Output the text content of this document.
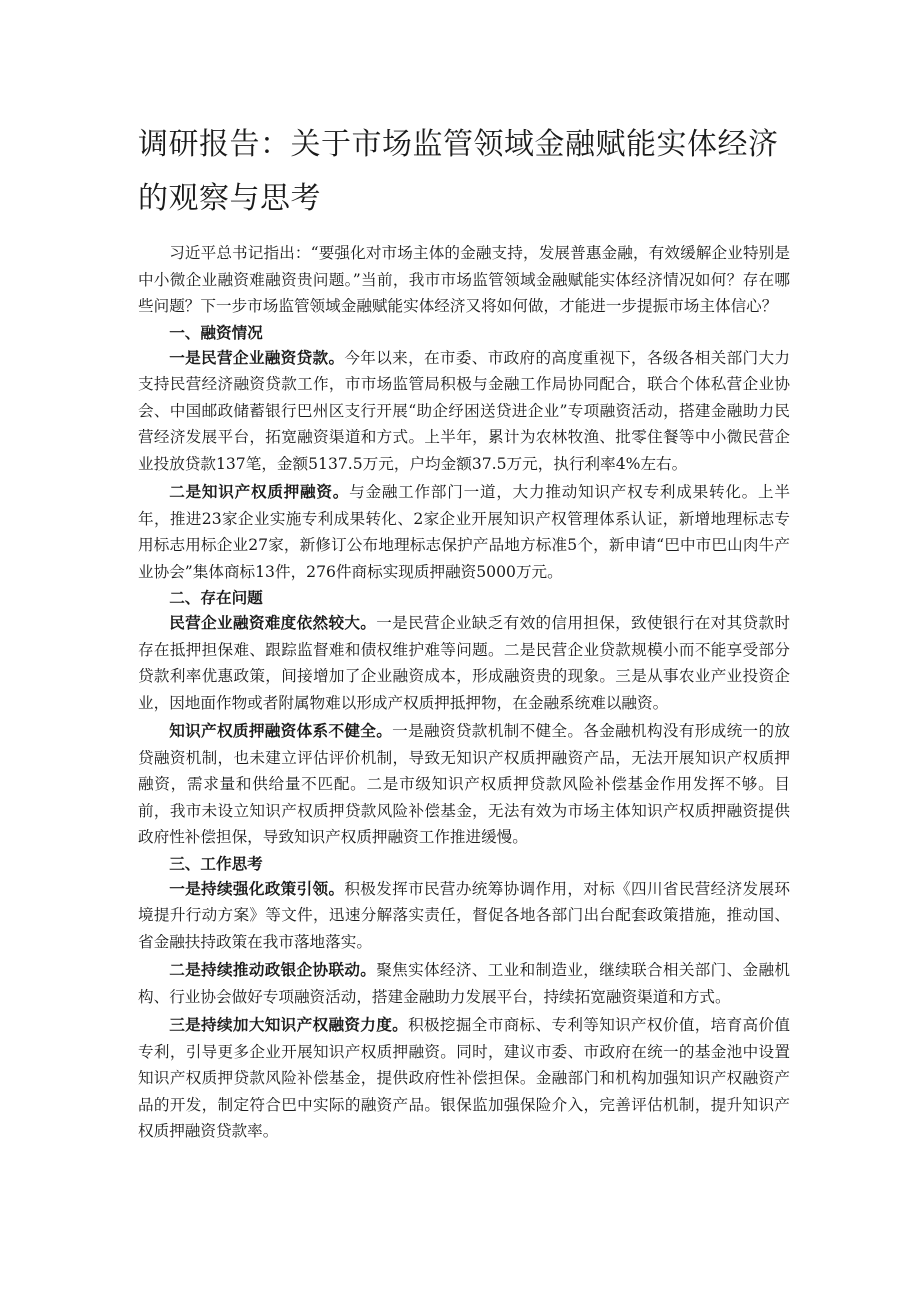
调研报告：关于市场监管领域金融赋能实体经济的观察与思考

习近平总书记指出：“要强化对市场主体的金融支持，发展普惠金融，有效缓解企业特别是中小微企业融资难融资贵问题。”当前，我市市场监管领域金融赋能实体经济情况如何？存在哪些问题？下一步市场监管领域金融赋能实体经济又将如何做，才能进一步提振市场主体信心？

一、融资情况

一是民营企业融资贷款。今年以来，在市委、市政府的高度重视下，各级各相关部门大力支持民营经济融资贷款工作，市市场监管局积极与金融工作局协同配合，联合个体私营企业协会、中国邮政储蓄银行巴州区支行开展“助企纾困送贷进企业”专项融资活动，搭建金融助力民营经济发展平台，拓宽融资渠道和方式。上半年，累计为农林牧渔、批零住餐等中小微民营企业投放贷款137笔，金额5137.5万元，户均金额37.5万元，执行利率4%左右。

二是知识产权质押融资。与金融工作部门一道，大力推动知识产权专利成果转化。上半年，推进23家企业实施专利成果转化、2家企业开展知识产权管理体系认证，新增地理标志专用标志用标企业27家，新修订公布地理标志保护产品地方标准5个，新申请“巴中市巴山肉牛产业协会”集体商标13件，276件商标实现质押融资5000万元。

二、存在问题

民营企业融资难度依然较大。一是民营企业缺乏有效的信用担保，致使银行在对其贷款时存在抵押担保难、跟踪监督难和债权维护难等问题。二是民营企业贷款规模小而不能享受部分贷款利率优惠政策，间接增加了企业融资成本，形成融资贵的现象。三是从事农业产业投资企业，因地面作物或者附属物难以形成产权质押抵押物，在金融系统难以融资。

知识产权质押融资体系不健全。一是融资贷款机制不健全。各金融机构没有形成统一的放贷融资机制，也未建立评估评价机制，导致无知识产权质押融资产品，无法开展知识产权质押融资，需求量和供给量不匹配。二是市级知识产权质押贷款风险补偿基金作用发挥不够。目前，我市未设立知识产权质押贷款风险补偿基金，无法有效为市场主体知识产权质押融资提供政府性补偿担保，导致知识产权质押融资工作推进缓慢。

三、工作思考

一是持续强化政策引领。积极发挥市民营办统筹协调作用，对标《四川省民营经济发展环境提升行动方案》等文件，迅速分解落实责任，督促各地各部门出台配套政策措施，推动国、省金融扶持政策在我市落地落实。

二是持续推动政银企协联动。聚焦实体经济、工业和制造业，继续联合相关部门、金融机构、行业协会做好专项融资活动，搭建金融助力发展平台，持续拓宽融资渠道和方式。

三是持续加大知识产权融资力度。积极挖掘全市商标、专利等知识产权价值，培育高价值专利，引导更多企业开展知识产权质押融资。同时，建议市委、市政府在统一的基金池中设置知识产权质押贷款风险补偿基金，提供政府性补偿担保。金融部门和机构加强知识产权融资产品的开发，制定符合巴中实际的融资产品。银保监加强保险介入，完善评估机制，提升知识产权质押融资贷款率。
